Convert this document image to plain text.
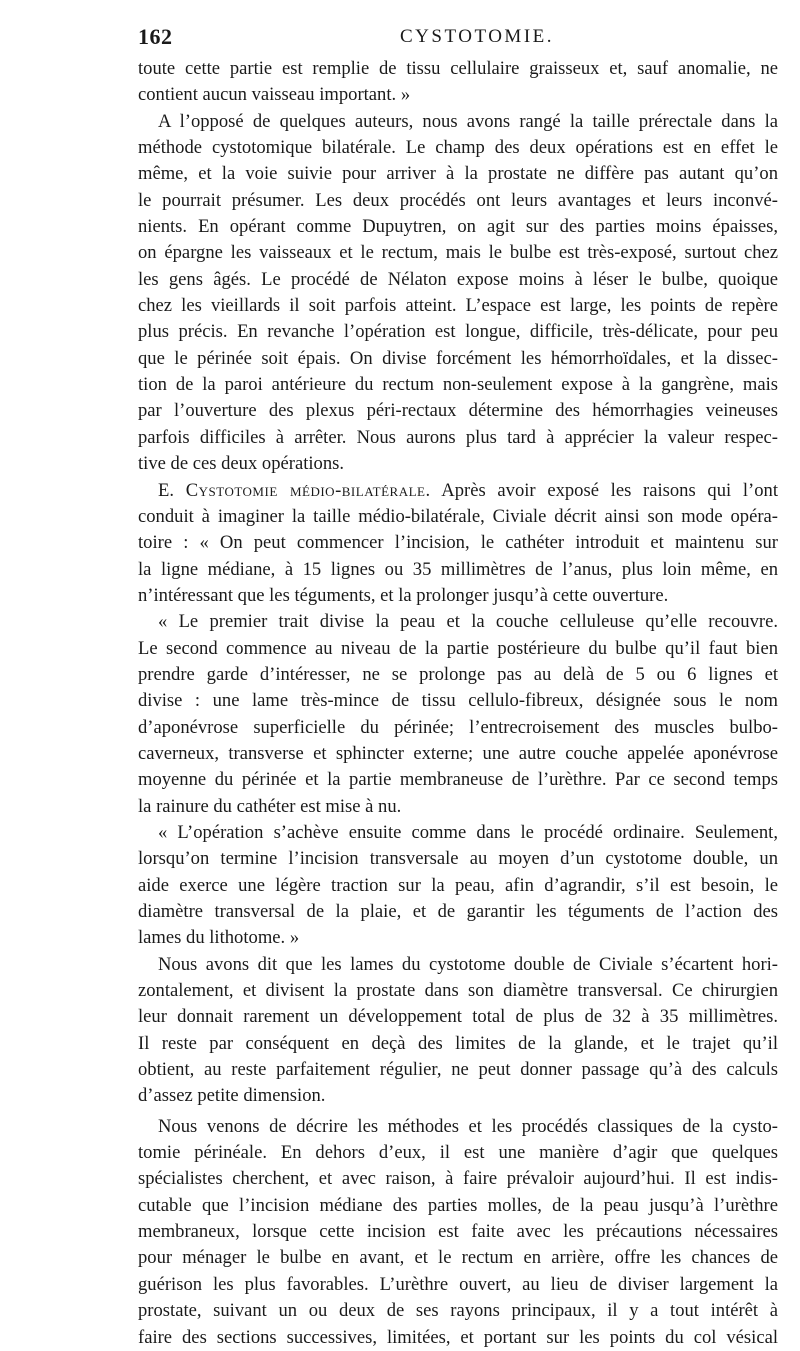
162	CYSTOTOMIE.
toute cette partie est remplie de tissu cellulaire graisseux et, sauf anomalie, ne
contient aucun vaisseau important. »
A l’opposé de quelques auteurs, nous avons rangé la taille prérectale dans la
méthode cystotomique bilatérale. Le champ des deux opérations est en effet le
même, et la voie suivie pour arriver à la prostate ne diffère pas autant qu’on
le pourrait présumer. Les deux procédés ont leurs avantages et leurs inconvé-
nients. En opérant comme Dupuytren, on agit sur des parties moins épaisses,
on épargne les vaisseaux et le rectum, mais le bulbe est très-exposé, surtout chez
les gens âgés. Le procédé de Nélaton expose moins à léser le bulbe, quoique
chez les vieillards il soit parfois atteint. L’espace est large, les points de repère
plus précis. En revanche l’opération est longue, difficile, très-délicate, pour peu
que le périnée soit épais. On divise forcément les hémorrhoïdales, et la dissec-
tion de la paroi antérieure du rectum non-seulement expose à la gangrène, mais
par l’ouverture des plexus péri-rectaux détermine des hémorrhagies veineuses
parfois difficiles à arrêter. Nous aurons plus tard à apprécier la valeur respec-
tive de ces deux opérations.
E. Cystotomie médio-bilatérale. Après avoir exposé les raisons qui l’ont
conduit à imaginer la taille médio-bilatérale, Civiale décrit ainsi son mode opéra-
toire : « On peut commencer l’incision, le cathéter introduit et maintenu sur
la ligne médiane, à 15 lignes ou 35 millimètres de l’anus, plus loin même, en
n’intéressant que les téguments, et la prolonger jusqu’à cette ouverture.
« Le premier trait divise la peau et la couche celluleuse qu’elle recouvre.
Le second commence au niveau de la partie postérieure du bulbe qu’il faut bien
prendre garde d’intéresser, ne se prolonge pas au delà de 5 ou 6 lignes et
divise : une lame très-mince de tissu cellulo-fibreux, désignée sous le nom
d’aponévrose superficielle du périnée; l’entrecroisement des muscles bulbo-
caverneux, transverse et sphincter externe; une autre couche appelée aponévrose
moyenne du périnée et la partie membraneuse de l’urèthre. Par ce second temps
la rainure du cathéter est mise à nu.
« L’opération s’achève ensuite comme dans le procédé ordinaire. Seulement,
lorsqu’on termine l’incision transversale au moyen d’un cystotome double, un
aide exerce une légère traction sur la peau, afin d’agrandir, s’il est besoin, le
diamètre transversal de la plaie, et de garantir les téguments de l’action des
lames du lithotome. »
Nous avons dit que les lames du cystotome double de Civiale s’écartent hori-
zontalement, et divisent la prostate dans son diamètre transversal. Ce chirurgien
leur donnait rarement un développement total de plus de 32 à 35 millimètres.
Il reste par conséquent en deçà des limites de la glande, et le trajet qu’il
obtient, au reste parfaitement régulier, ne peut donner passage qu’à des calculs
d’assez petite dimension.
Nous venons de décrire les méthodes et les procédés classiques de la cysto-
tomie périnéale. En dehors d’eux, il est une manière d’agir que quelques
spécialistes cherchent, et avec raison, à faire prévaloir aujourd’hui. Il est indis-
cutable que l’incision médiane des parties molles, de la peau jusqu’à l’urèthre
membraneux, lorsque cette incision est faite avec les précautions nécessaires
pour ménager le bulbe en avant, et le rectum en arrière, offre les chances de
guérison les plus favorables. L’urèthre ouvert, au lieu de diviser largement la
prostate, suivant un ou deux de ses rayons principaux, il y a tout intérêt à
faire des sections successives, limitées, et portant sur les points du col vésical
